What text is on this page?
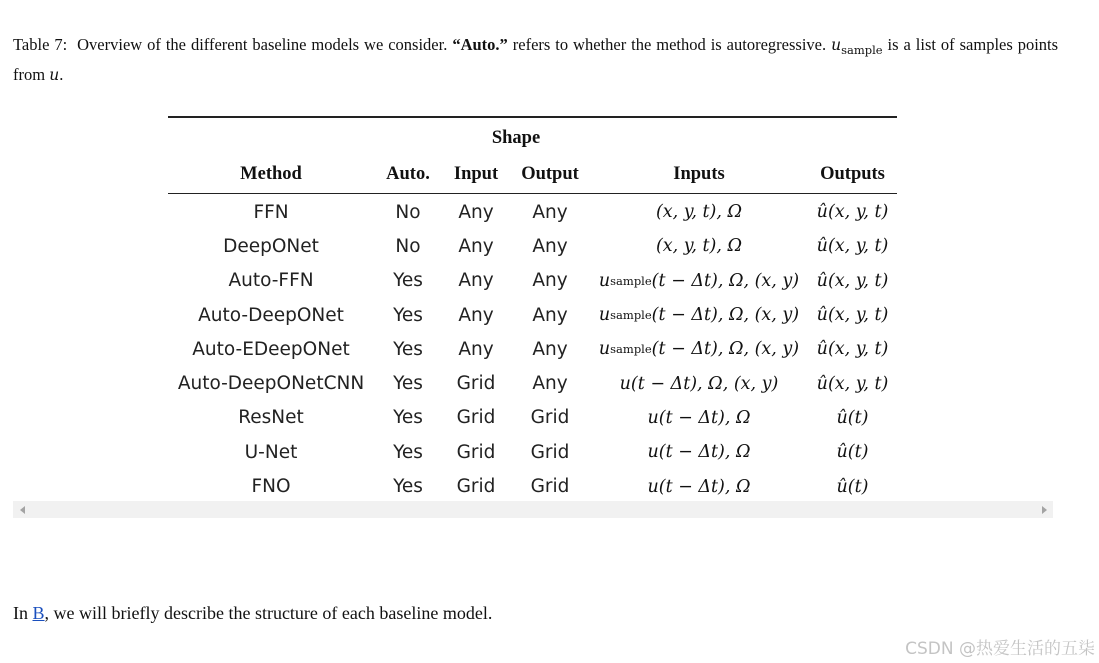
Table 7: Overview of the different baseline models we consider. “Auto.” refers to whether the method is autoregressive. $u_{sample}$ is a list of samples points from u.
Shape
Method	Auto.	Input	Output	Inputs	Outputs
FFN	No	Any	Any	(x, y, t), Ω	û(x, y, t)
DeepONet	No	Any	Any	(x, y, t), Ω	û(x, y, t)
Auto-FFN	Yes	Any	Any	u sample (t − Δt), Ω, (x, y)	û(x, y, t)
Auto-DeepONet	Yes	Any	Any	u sample (t − Δt), Ω, (x, y)	û(x, y, t)
Auto-EDeepONet	Yes	Any	Any	u sample (t − Δt), Ω, (x, y)	û(x, y, t)
Auto-DeepONetCNN	Yes	Grid	Any	u(t − Δt), Ω, (x, y)	û(x, y, t)
ResNet	Yes	Grid	Grid	u(t − Δt), Ω	û(t)
U-Net	Yes	Grid	Grid	u(t − Δt), Ω	û(t)
FNO	Yes	Grid	Grid	u(t − Δt), Ω	û(t)
In B, we will briefly describe the structure of each baseline model.
CSDN @热爱生活的五柒
